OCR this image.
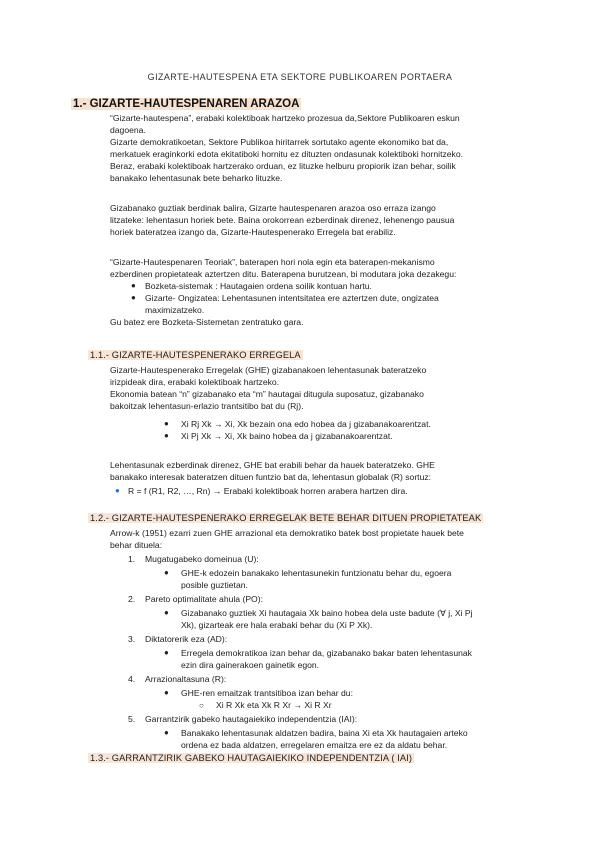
GIZARTE-HAUTESPENA ETA SEKTORE PUBLIKOAREN PORTAERA
1.- GIZARTE-HAUTESPENAREN ARAZOA
“Gizarte-hautespena”, erabaki kolektiboak hartzeko prozesua da,Sektore Publikoaren eskun
dagoena.
Gizarte demokratikoetan, Sektore Publikoa hiritarrek sortutako agente ekonomiko bat da,
merkatuek eraginkorki edota ekitatiboki hornitu ez dituzten ondasunak kolektiboki hornitzeko.
Beraz, erabaki kolektiboak hartzerako orduan, ez lituzke helburu propiorik izan behar, soilik
banakako lehentasunak bete beharko lituzke.
Gizabanako guztiak berdinak balira, Gizarte hautespenaren arazoa oso erraza izango
litzateke: lehentasun horiek bete. Baina orokorrean ezberdinak direnez, lehenengo pausua
horiek bateratzea izango da, Gizarte-Hautespenerako Erregela bat erabiliz.
“Gizarte-Hautespenaren Teoriak”, baterapen hori nola egin eta baterapen-mekanismo
ezberdinen propietateak aztertzen ditu. Baterapena burutzean, bi modutara joka dezakegu:
● Bozketa-sistemak : Hautagaien ordena soilik kontuan hartu.
● Gizarte- Ongizatea: Lehentasunen intentsitatea ere aztertzen dute, ongizatea
maximizatzeko.
Gu batez ere Bozketa-Sistemetan zentratuko gara.
1.1.- GIZARTE-HAUTESPENERAKO ERREGELA
Gizarte-Hautespenerako Erregelak (GHE) gizabanakoen lehentasunak bateratzeko
irizpideak dira, erabaki kolektiboak hartzeko.
Ekonomia batean “n” gizabanako eta “m” hautagai ditugula suposatuz, gizabanako
bakoitzak lehentasun-erlazio trantsitibo bat du (Rj).
● Xi Rj Xk → Xi, Xk bezain ona edo hobea da j gizabanakoarentzat.
● Xi Pj Xk → Xi, Xk baino hobea da j gizabanakoarentzat.
Lehentasunak ezberdinak direnez, GHE bat erabili behar da hauek bateratzeko. GHE
banakako interesak bateratzen dituen funtzio bat da, lehentasun globalak (R) sortuz:
● R = f (R1, R2, …, Rn) → Erabaki kolektiboak horren arabera hartzen dira.
1.2.- GIZARTE-HAUTESPENERAKO ERREGELAK BETE BEHAR DITUEN PROPIETATEAK
Arrow-k (1951) ezarri zuen GHE arrazional eta demokratiko batek bost propietate hauek bete
behar dituela:
1. Mugatugabeko domeinua (U):
● GHE-k edozein banakako lehentasunekin funtzionatu behar du, egoera
posible guztietan.
2. Pareto optimalitate ahula (PO):
● Gizabanako guztiek Xi hautagaia Xk baino hobea dela uste badute (∀ j, Xi Pj
Xk), gizarteak ere hala erabaki behar du (Xi P Xk).
3. Diktatorerik eza (AD):
● Erregela demokratikoa izan behar da, gizabanako bakar baten lehentasunak
ezin dira gainerakoen gainetik egon.
4. Arrazionaltasuna (R):
● GHE-ren emaitzak trantsitiboa izan behar du:
○ Xi R Xk eta Xk R Xr → Xi R Xr
5. Garrantzirik gabeko hautagaiekiko independentzia (IAI):
● Banakako lehentasunak aldatzen badira, baina Xi eta Xk hautagaien arteko
ordena ez bada aldatzen, erregelaren emaitza ere ez da aldatu behar.
1.3.- GARRANTZIRIK GABEKO HAUTAGAIEKIKO INDEPENDENTZIA ( IAI)
